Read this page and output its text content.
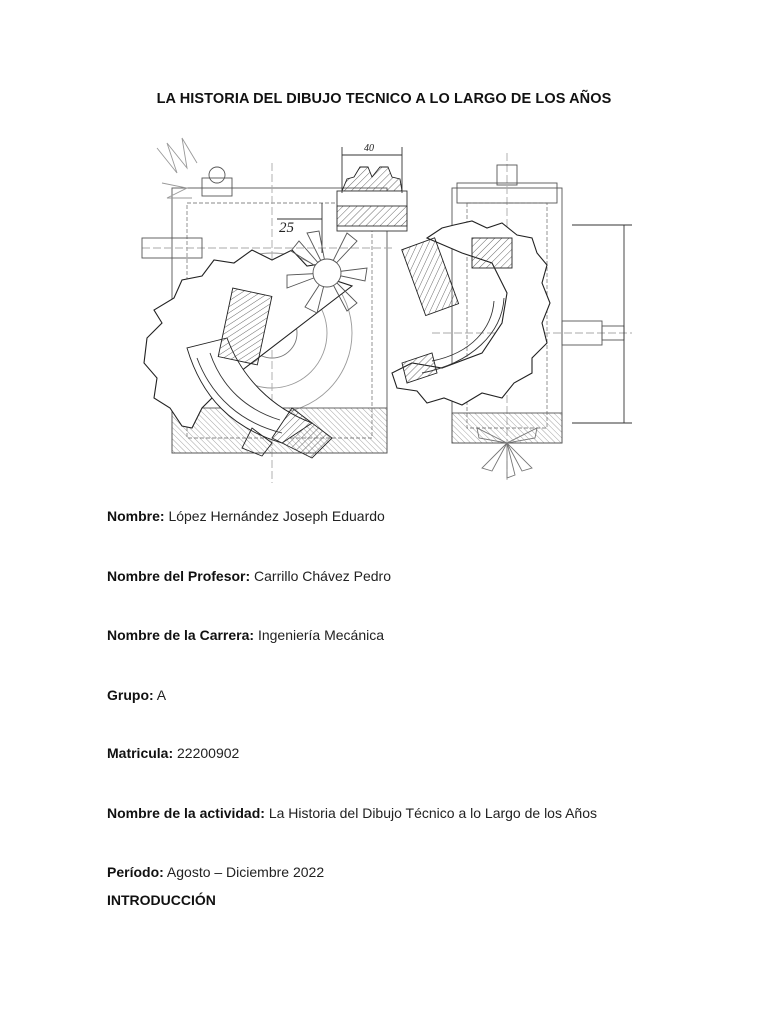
LA HISTORIA DEL DIBUJO TECNICO A LO LARGO DE LOS AÑOS
40
25
Nombre: López Hernández Joseph Eduardo
Nombre del Profesor: Carrillo Chávez Pedro
Nombre de la Carrera: Ingeniería Mecánica
Grupo: A
Matricula: 22200902
Nombre de la actividad: La Historia del Dibujo Técnico a lo Largo de los Años
Período: Agosto – Diciembre 2022
INTRODUCCIÓN
